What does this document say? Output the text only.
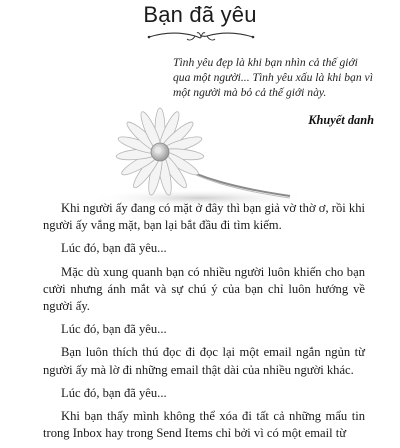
Bạn đã yêu
Tình yêu đẹp là khi bạn nhìn cả thế giới qua một người... Tình yêu xấu là khi bạn vì một người mà bỏ cả thế giới này.
Khuyết danh

Khi người ấy đang có mặt ở đây thì bạn giả vờ thờ ơ, rồi khi người ấy vắng mặt, bạn lại bắt đầu đi tìm kiếm.

Lúc đó, bạn đã yêu...

Mặc dù xung quanh bạn có nhiều người luôn khiến cho bạn cười nhưng ánh mắt và sự chú ý của bạn chỉ luôn hướng về người ấy.

Lúc đó, bạn đã yêu...

Bạn luôn thích thú đọc đi đọc lại một email ngắn ngủn từ người ấy mà lờ đi những email thật dài của nhiều người khác.

Lúc đó, bạn đã yêu...

Khi bạn thấy mình không thể xóa đi tất cả những mẩu tin trong Inbox hay trong Send Items chỉ bởi vì có một email từ
